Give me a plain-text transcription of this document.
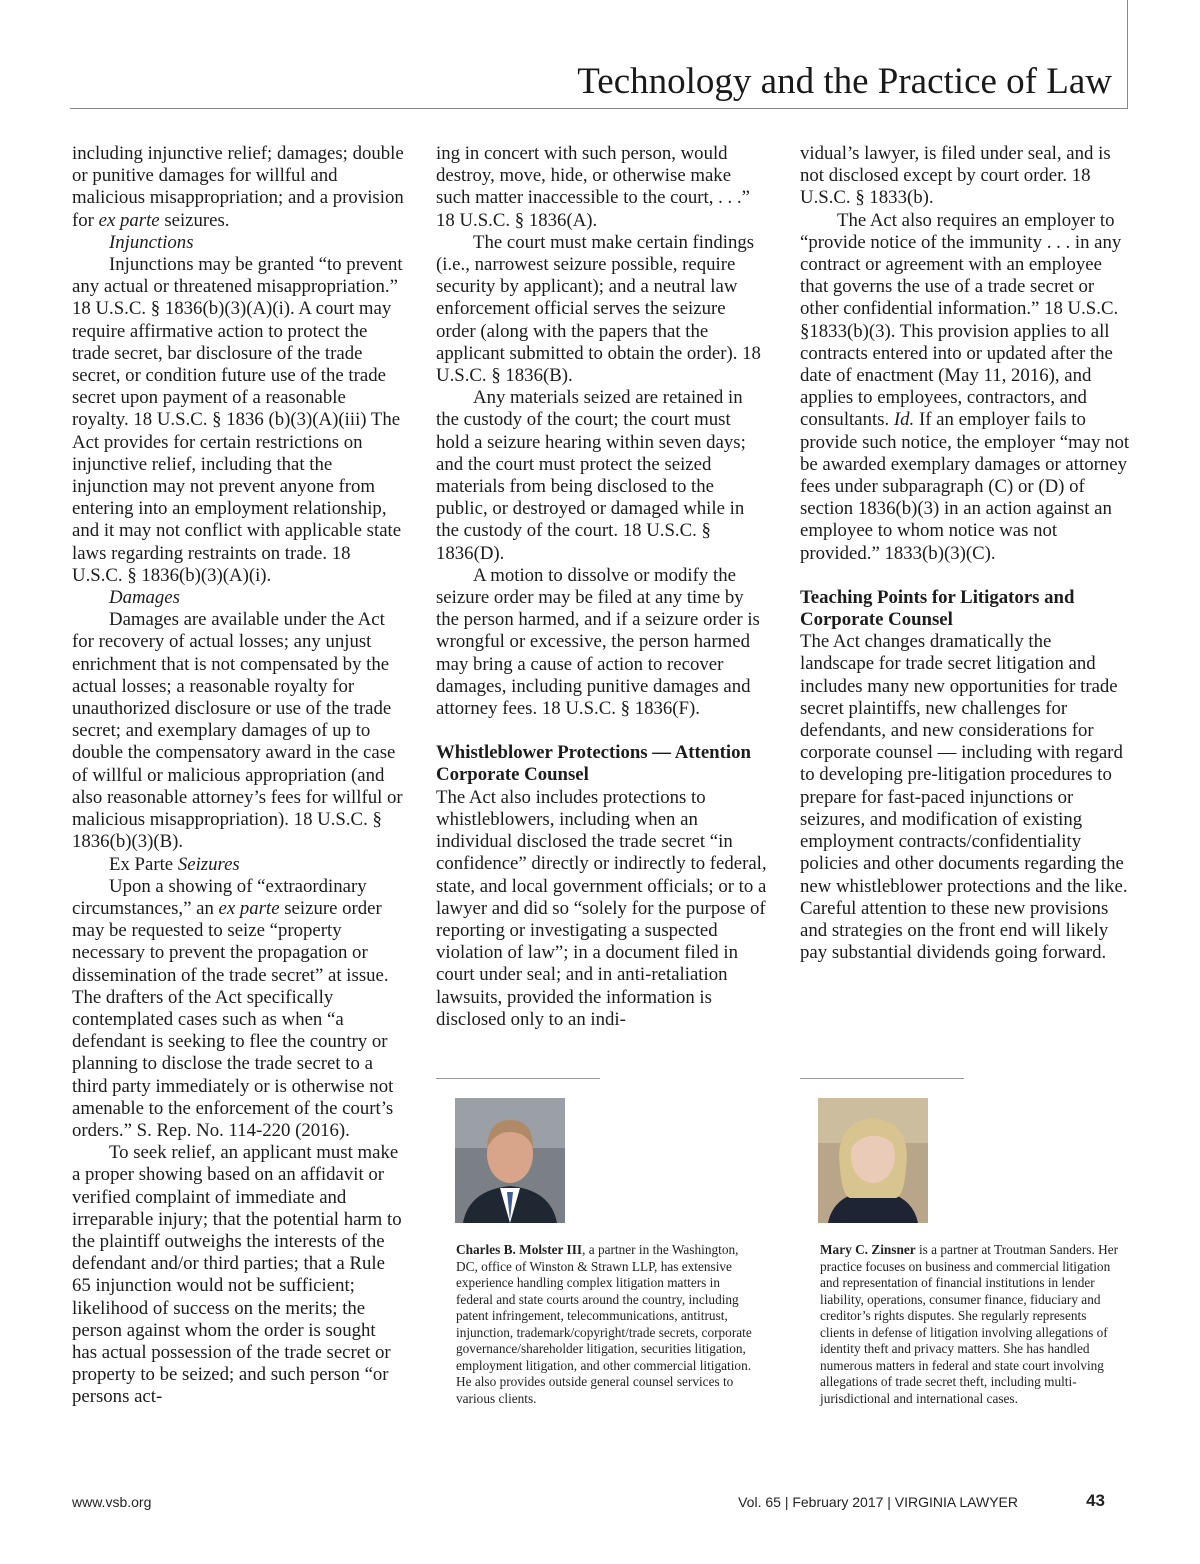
Technology and the Practice of Law

including injunctive relief; damages; double or punitive damages for willful and malicious misappropriation; and a provision for ex parte seizures.

Injunctions

Injunctions may be granted “to prevent any actual or threatened misappropriation.” 18 U.S.C. § 1836(b)(3)(A)(i). A court may require affirmative action to protect the trade secret, bar disclosure of the trade secret, or condition future use of the trade secret upon payment of a reasonable royalty. 18 U.S.C. § 1836 (b)(3)(A)(iii) The Act provides for certain restrictions on injunctive relief, including that the injunction may not prevent anyone from entering into an employment relationship, and it may not conflict with applicable state laws regarding restraints on trade. 18 U.S.C. § 1836(b)(3)(A)(i).

Damages

Damages are available under the Act for recovery of actual losses; any unjust enrichment that is not compensated by the actual losses; a reasonable royalty for unauthorized disclosure or use of the trade secret; and exemplary damages of up to double the compensatory award in the case of willful or malicious appropriation (and also reasonable attorney’s fees for willful or malicious misappropriation). 18 U.S.C. § 1836(b)(3)(B).

Ex Parte Seizures

Upon a showing of “extraordinary circumstances,” an ex parte seizure order may be requested to seize “property necessary to prevent the propagation or dissemination of the trade secret” at issue. The drafters of the Act specifically contemplated cases such as when “a defendant is seeking to flee the country or planning to disclose the trade secret to a third party immediately or is otherwise not amenable to the enforcement of the court’s orders.” S. Rep. No. 114-220 (2016).

To seek relief, an applicant must make a proper showing based on an affidavit or verified complaint of immediate and irreparable injury; that the potential harm to the plaintiff outweighs the interests of the defendant and/or third parties; that a Rule 65 injunction would not be sufficient; likelihood of success on the merits; the person against whom the order is sought has actual possession of the trade secret or property to be seized; and such person “or persons act-

ing in concert with such person, would destroy, move, hide, or otherwise make such matter inaccessible to the court, . . .” 18 U.S.C. § 1836(A).

The court must make certain findings (i.e., narrowest seizure possible, require security by applicant); and a neutral law enforcement official serves the seizure order (along with the papers that the applicant submitted to obtain the order). 18 U.S.C. § 1836(B).

Any materials seized are retained in the custody of the court; the court must hold a seizure hearing within seven days; and the court must protect the seized materials from being disclosed to the public, or destroyed or damaged while in the custody of the court. 18 U.S.C. § 1836(D).

A motion to dissolve or modify the seizure order may be filed at any time by the person harmed, and if a seizure order is wrongful or excessive, the person harmed may bring a cause of action to recover damages, including punitive damages and attorney fees. 18 U.S.C. § 1836(F).

Whistleblower Protections — Attention Corporate Counsel

The Act also includes protections to whistleblowers, including when an individual disclosed the trade secret “in confidence” directly or indirectly to federal, state, and local government officials; or to a lawyer and did so “solely for the purpose of reporting or investigating a suspected violation of law”; in a document filed in court under seal; and in anti-retaliation lawsuits, provided the information is disclosed only to an indi-

vidual’s lawyer, is filed under seal, and is not disclosed except by court order. 18 U.S.C. § 1833(b).

The Act also requires an employer to “provide notice of the immunity . . . in any contract or agreement with an employee that governs the use of a trade secret or other confidential information.” 18 U.S.C. §1833(b)(3). This provision applies to all contracts entered into or updated after the date of enactment (May 11, 2016), and applies to employees, contractors, and consultants. Id. If an employer fails to provide such notice, the employer “may not be awarded exemplary damages or attorney fees under subparagraph (C) or (D) of section 1836(b)(3) in an action against an employee to whom notice was not provided.” 1833(b)(3)(C).

Teaching Points for Litigators and Corporate Counsel

The Act changes dramatically the landscape for trade secret litigation and includes many new opportunities for trade secret plaintiffs, new challenges for defendants, and new considerations for corporate counsel — including with regard to developing pre-litigation procedures to prepare for fast-paced injunctions or seizures, and modification of existing employment contracts/confidentiality policies and other documents regarding the new whistleblower protections and the like. Careful attention to these new provisions and strategies on the front end will likely pay substantial dividends going forward.

Charles B. Molster III, a partner in the Washington, DC, office of Winston & Strawn LLP, has extensive experience handling complex litigation matters in federal and state courts around the country, including patent infringement, telecommunications, antitrust, injunction, trademark/copyright/trade secrets, corporate governance/shareholder litigation, securities litigation, employment litigation, and other commercial litigation. He also provides outside general counsel services to various clients.

Mary C. Zinsner is a partner at Troutman Sanders. Her practice focuses on business and commercial litigation and representation of financial institutions in lender liability, operations, consumer finance, fiduciary and creditor’s rights disputes. She regularly represents clients in defense of litigation involving allegations of identity theft and privacy matters. She has handled numerous matters in federal and state court involving allegations of trade secret theft, including multi-jurisdictional and international cases.

www.vsb.org	Vol. 65 | February 2017 | VIRGINIA LAWYER	43
